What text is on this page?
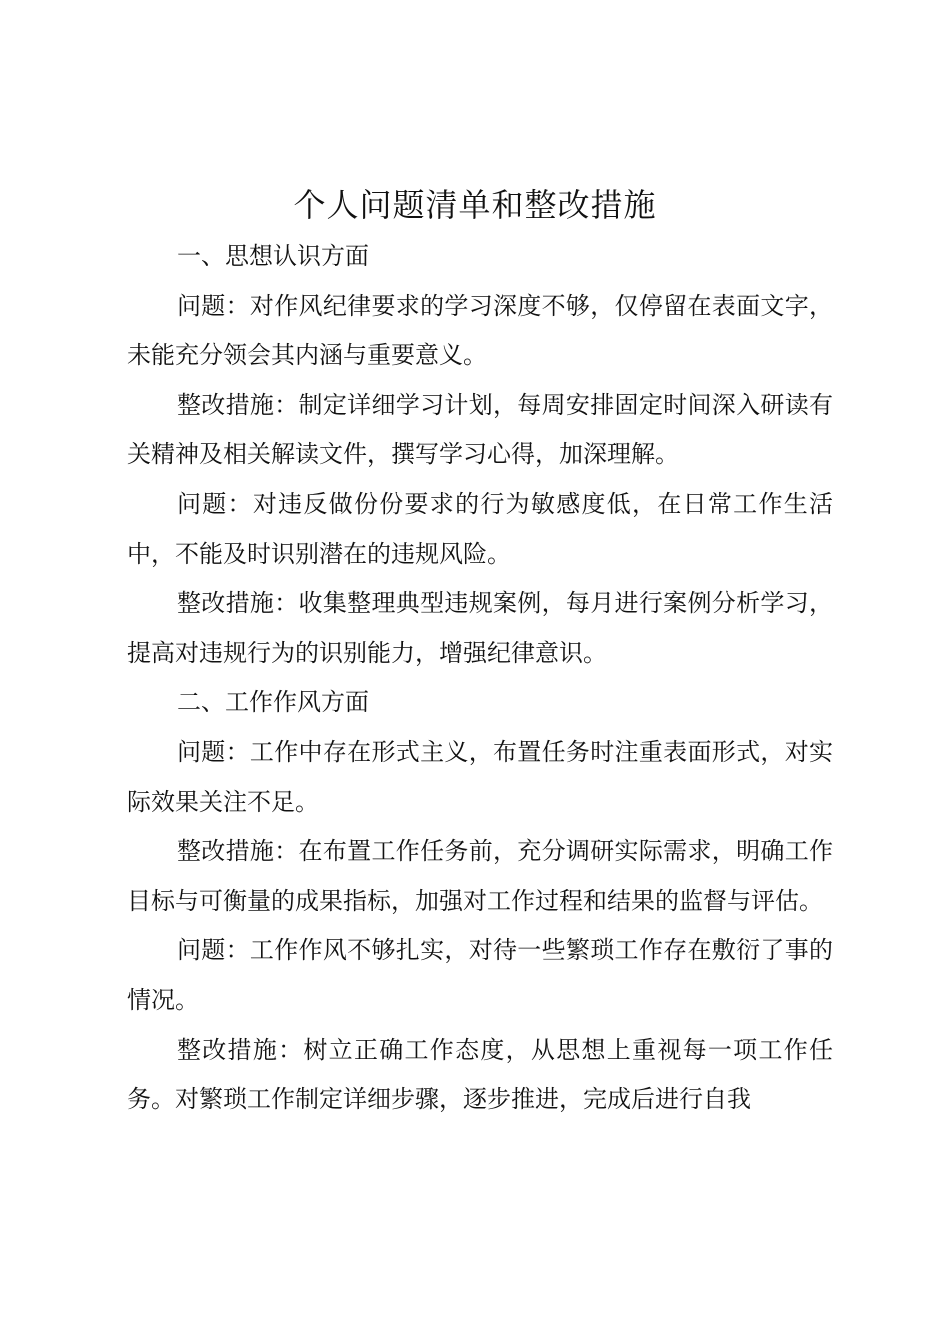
个人问题清单和整改措施

一、思想认识方面

问题：对作风纪律要求的学习深度不够，仅停留在表面文字，未能充分领会其内涵与重要意义。

整改措施：制定详细学习计划，每周安排固定时间深入研读有关精神及相关解读文件，撰写学习心得，加深理解。

问题：对违反做份份要求的行为敏感度低，在日常工作生活中，不能及时识别潜在的违规风险。

整改措施：收集整理典型违规案例，每月进行案例分析学习，提高对违规行为的识别能力，增强纪律意识。

二、工作作风方面

问题：工作中存在形式主义，布置任务时注重表面形式，对实际效果关注不足。

整改措施：在布置工作任务前，充分调研实际需求，明确工作目标与可衡量的成果指标，加强对工作过程和结果的监督与评估。

问题：工作作风不够扎实，对待一些繁琐工作存在敷衍了事的情况。

整改措施：树立正确工作态度，从思想上重视每一项工作任务。对繁琐工作制定详细步骤，逐步推进，完成后进行自我
